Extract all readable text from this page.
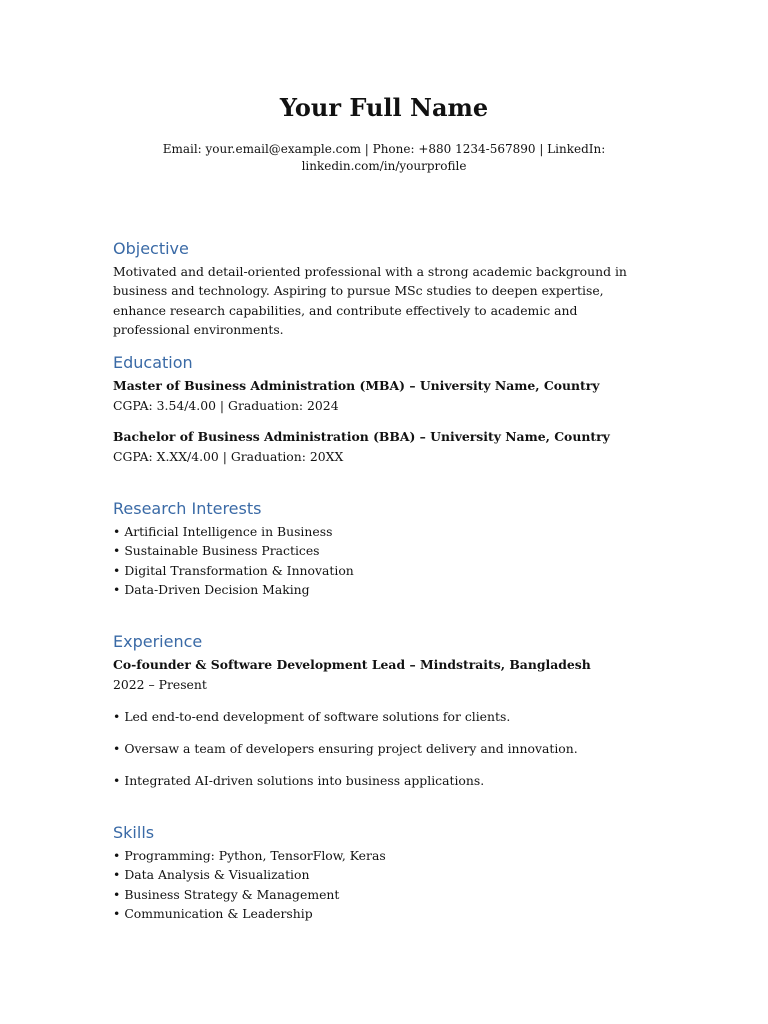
Your Full Name
Email: your.email@example.com | Phone: +880 1234-567890 | LinkedIn:
linkedin.com/in/yourprofile
Objective

Motivated and detail-oriented professional with a strong academic background in business and technology. Aspiring to pursue MSc studies to deepen expertise, enhance research capabilities, and contribute effectively to academic and professional environments.

Education

Master of Business Administration (MBA) – University Name, Country

CGPA: 3.54/4.00 | Graduation: 2024

Bachelor of Business Administration (BBA) – University Name, Country

CGPA: X.XX/4.00 | Graduation: 20XX

Research Interests
• Artificial Intelligence in Business
• Sustainable Business Practices
• Digital Transformation & Innovation
• Data-Driven Decision Making
Experience

Co-founder & Software Development Lead – Mindstraits, Bangladesh

2022 – Present

• Led end-to-end development of software solutions for clients.
• Oversaw a team of developers ensuring project delivery and innovation.
• Integrated AI-driven solutions into business applications.
Skills
• Programming: Python, TensorFlow, Keras
• Data Analysis & Visualization
• Business Strategy & Management
• Communication & Leadership
